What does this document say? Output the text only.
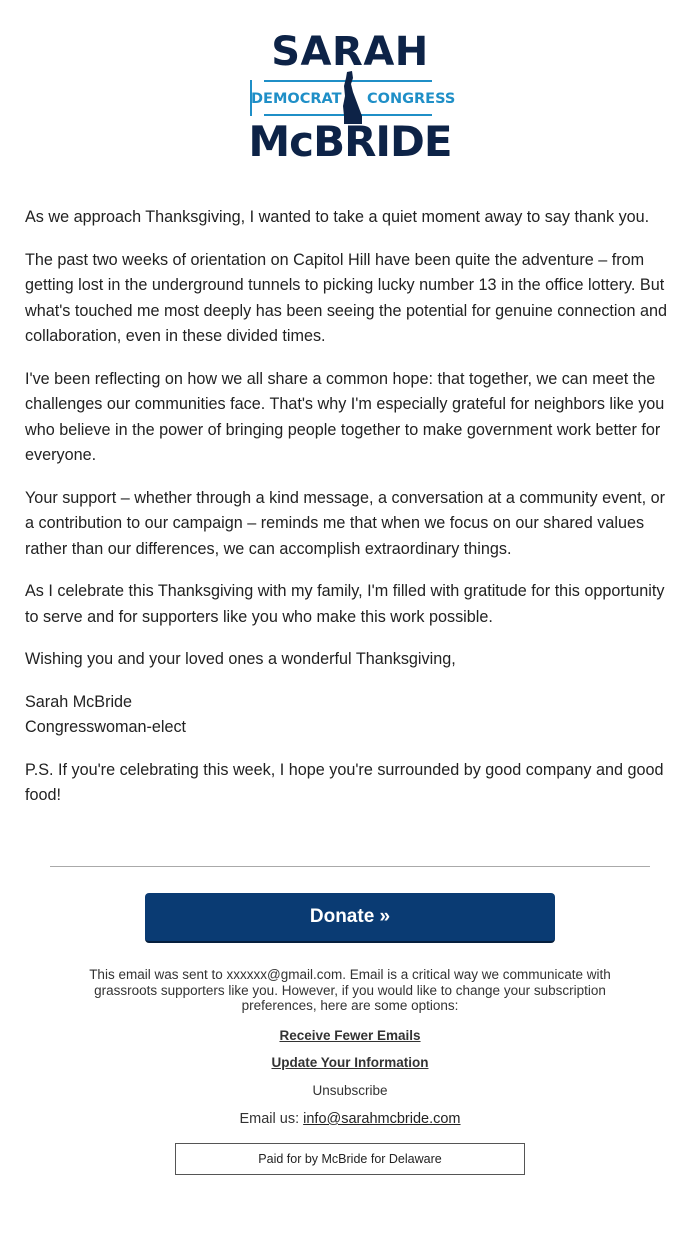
SARAH
DEMOCRAT CONGRESS
McBRIDE

As we approach Thanksgiving, I wanted to take a quiet moment away to say thank you.

The past two weeks of orientation on Capitol Hill have been quite the adventure – from getting lost in the underground tunnels to picking lucky number 13 in the office lottery. But what's touched me most deeply has been seeing the potential for genuine connection and collaboration, even in these divided times.

I've been reflecting on how we all share a common hope: that together, we can meet the challenges our communities face. That's why I'm especially grateful for neighbors like you who believe in the power of bringing people together to make government work better for everyone.

Your support – whether through a kind message, a conversation at a community event, or a contribution to our campaign – reminds me that when we focus on our shared values rather than our differences, we can accomplish extraordinary things.

As I celebrate this Thanksgiving with my family, I'm filled with gratitude for this opportunity to serve and for supporters like you who make this work possible.

Wishing you and your loved ones a wonderful Thanksgiving,

Sarah McBride
Congresswoman-elect

P.S. If you're celebrating this week, I hope you're surrounded by good company and good food!

Donate »
This email was sent to xxxxxx@gmail.com. Email is a critical way we communicate with grassroots supporters like you. However, if you would like to change your subscription preferences, here are some options:
Receive Fewer Emails
Update Your Information
Unsubscribe
Email us: info@sarahmcbride.com
Paid for by McBride for Delaware
